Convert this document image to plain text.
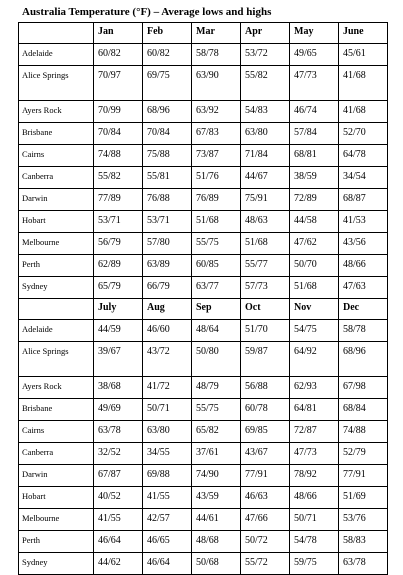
Australia Temperature (°F) – Average lows and highs
	Jan	Feb	Mar	Apr	May	June
Adelaide	60/82	60/82	58/78	53/72	49/65	45/61
Alice Springs	70/97	69/75	63/90	55/82	47/73	41/68
Ayers Rock	70/99	68/96	63/92	54/83	46/74	41/68
Brisbane	70/84	70/84	67/83	63/80	57/84	52/70
Cairns	74/88	75/88	73/87	71/84	68/81	64/78
Canberra	55/82	55/81	51/76	44/67	38/59	34/54
Darwin	77/89	76/88	76/89	75/91	72/89	68/87
Hobart	53/71	53/71	51/68	48/63	44/58	41/53
Melbourne	56/79	57/80	55/75	51/68	47/62	43/56
Perth	62/89	63/89	60/85	55/77	50/70	48/66
Sydney	65/79	66/79	63/77	57/73	51/68	47/63
	July	Aug	Sep	Oct	Nov	Dec
Adelaide	44/59	46/60	48/64	51/70	54/75	58/78
Alice Springs	39/67	43/72	50/80	59/87	64/92	68/96
Ayers Rock	38/68	41/72	48/79	56/88	62/93	67/98
Brisbane	49/69	50/71	55/75	60/78	64/81	68/84
Cairns	63/78	63/80	65/82	69/85	72/87	74/88
Canberra	32/52	34/55	37/61	43/67	47/73	52/79
Darwin	67/87	69/88	74/90	77/91	78/92	77/91
Hobart	40/52	41/55	43/59	46/63	48/66	51/69
Melbourne	41/55	42/57	44/61	47/66	50/71	53/76
Perth	46/64	46/65	48/68	50/72	54/78	58/83
Sydney	44/62	46/64	50/68	55/72	59/75	63/78
